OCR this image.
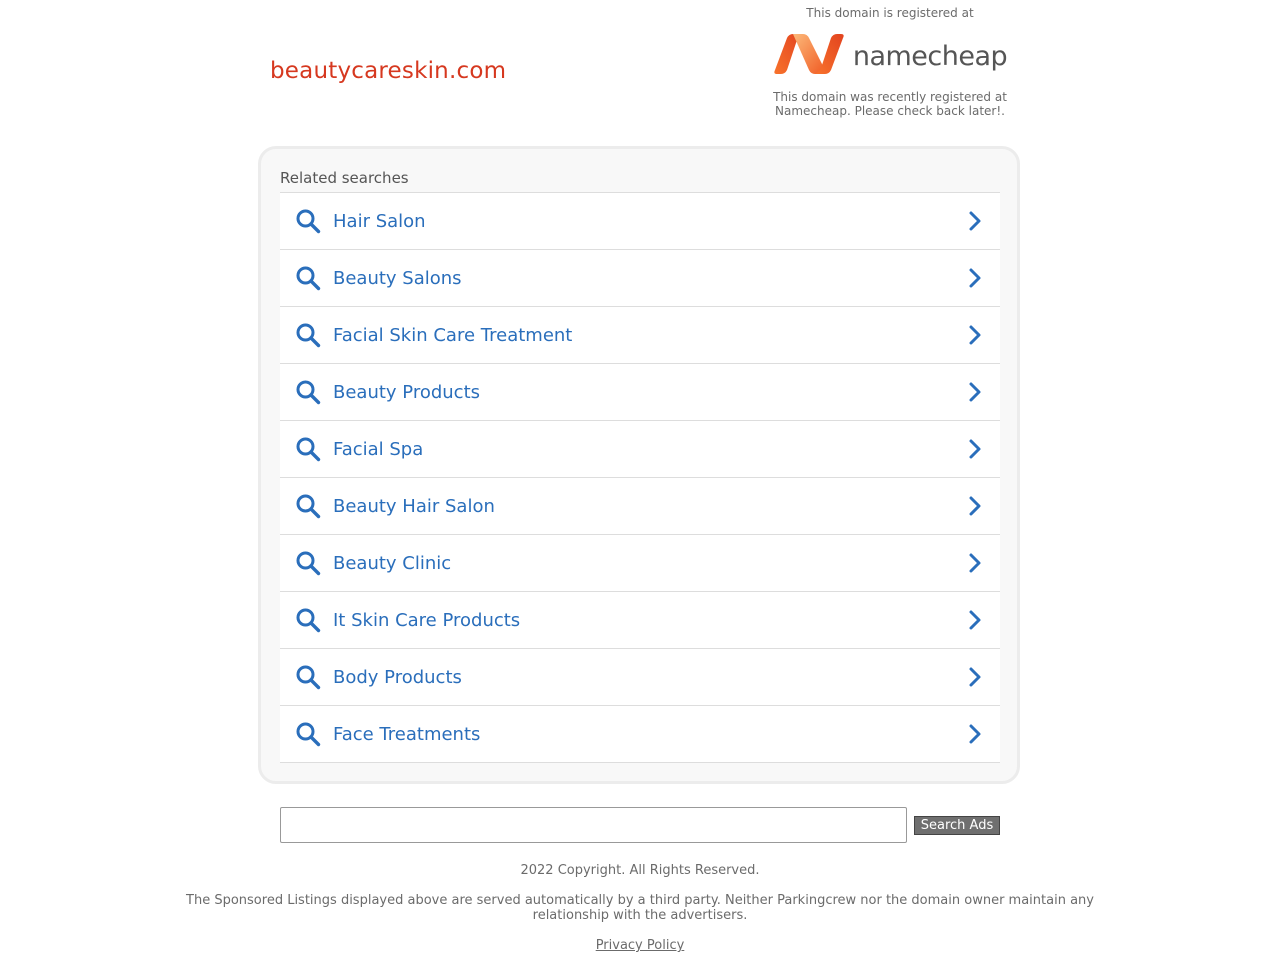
beautycareskin.com
This domain is registered at
namecheap
This domain was recently registered at Namecheap. Please check back later!.
Related searches
Hair Salon
Beauty Salons
Facial Skin Care Treatment
Beauty Products
Facial Spa
Beauty Hair Salon
Beauty Clinic
It Skin Care Products
Body Products
Face Treatments
Search Ads
2022 Copyright. All Rights Reserved.
The Sponsored Listings displayed above are served automatically by a third party. Neither Parkingcrew nor the domain owner maintain any relationship with the advertisers.
Privacy Policy
